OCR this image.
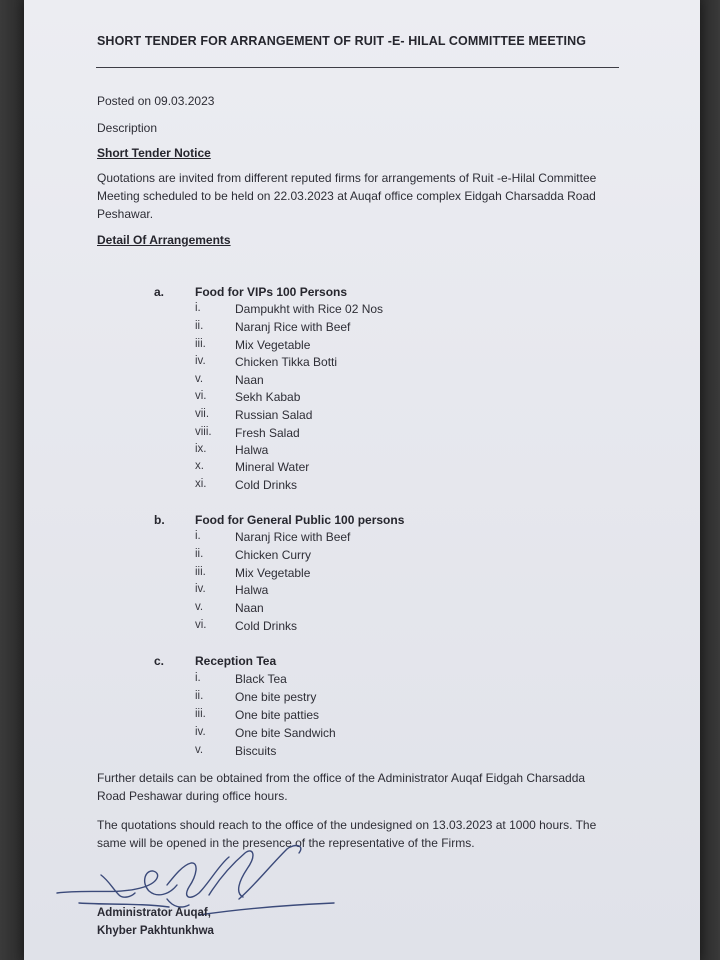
SHORT TENDER FOR ARRANGEMENT OF RUIT -E- HILAL COMMITTEE MEETING
Posted on 09.03.2023
Description
Short Tender Notice
Quotations are invited from different reputed firms for arrangements of Ruit -e-Hilal Committee
Meeting scheduled to be held on 22.03.2023 at Auqaf office complex Eidgah Charsadda Road
Peshawar.
Detail Of Arrangements
a.	Food for VIPs 100 Persons
i.	Dampukht with Rice 02 Nos
ii.	Naranj Rice with Beef
iii. Mix Vegetable
iv. Chicken Tikka Botti
v.	Naan
vi. Sekh Kabab
vii. Russian Salad
viii. Fresh Salad
ix. Halwa
x.	Mineral Water
xi. Cold Drinks
b.	Food for General Public 100 persons
i.	Naranj Rice with Beef
ii.	Chicken Curry
iii. Mix Vegetable
iv. Halwa
v.	Naan
vi. Cold Drinks
c.	Reception Tea
i.	Black Tea
ii.	One bite pestry
iii. One bite patties
iv. One bite Sandwich
v.	Biscuits
Further details can be obtained from the office of the Administrator Auqaf Eidgah Charsadda
Road Peshawar during office hours.
The quotations should reach to the office of the undesigned on 13.03.2023 at 1000 hours. The
same will be opened in the presence of the representative of the Firms.
Administrator Auqaf,
Khyber Pakhtunkhwa
